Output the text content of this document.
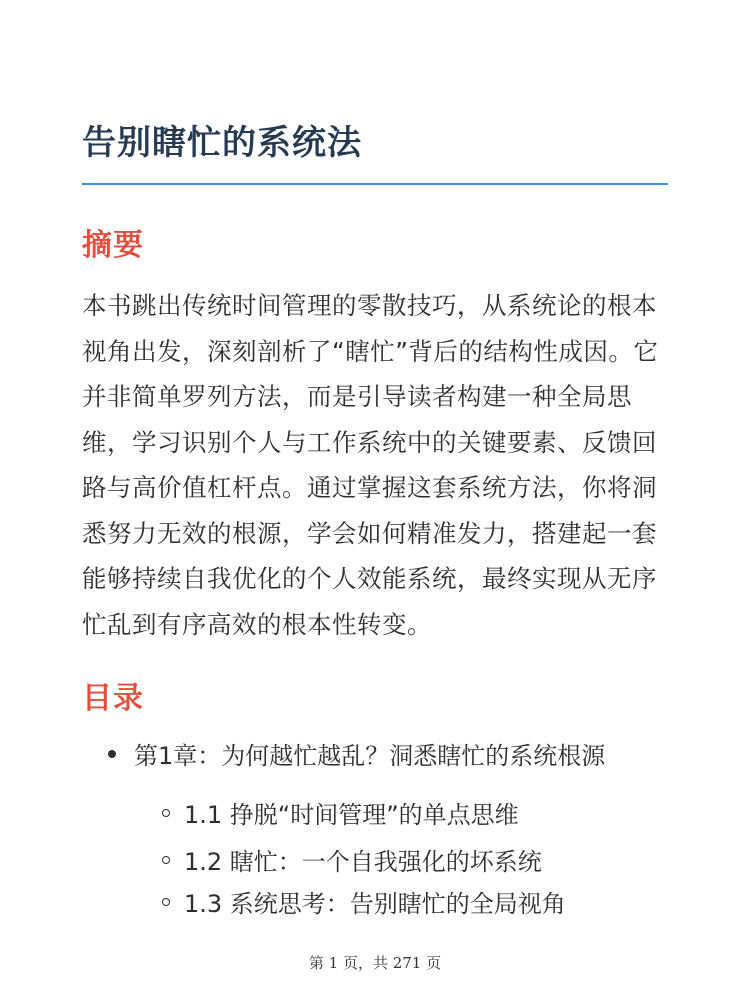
告别瞎忙的系统法
摘要

本书跳出传统时间管理的零散技巧，从系统论的根本视角出发，深刻剖析了“瞎忙”背后的结构性成因。它并非简单罗列方法，而是引导读者构建一种全局思维，学习识别个人与工作系统中的关键要素、反馈回路与高价值杠杆点。通过掌握这套系统方法，你将洞悉努力无效的根源，学会如何精准发力，搭建起一套能够持续自我优化的个人效能系统，最终实现从无序忙乱到有序高效的根本性转变。

目录
第1章：为何越忙越乱？洞悉瞎忙的系统根源
1.1 挣脱“时间管理”的单点思维
1.2 瞎忙：一个自我强化的坏系统
1.3 系统思考：告别瞎忙的全局视角
第 1 页，共 271 页
